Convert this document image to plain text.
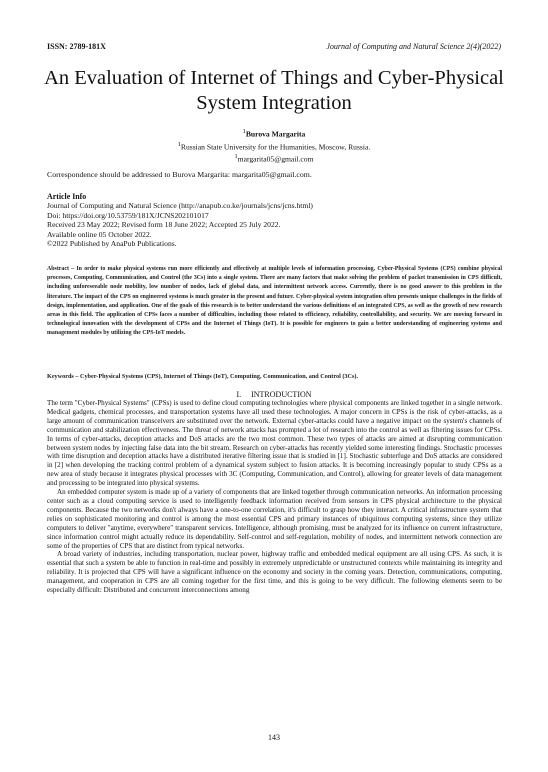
ISSN: 2789-181X	Journal of Computing and Natural Science 2(4)(2022)
An Evaluation of Internet of Things and Cyber-Physical System Integration
$^1$Burova Margarita
$^1$Russian State University for the Humanities, Moscow, Russia.
$^1$margarita05@gmail.com
Correspondence should be addressed to Burova Margarita: margarita05@gmail.com.
Article Info
Journal of Computing and Natural Science (http://anapub.co.ke/journals/jcns/jcns.html)
Doi: https://doi.org/10.53759/181X/JCNS202101017
Received 23 May 2022; Revised form 18 June 2022; Accepted 25 July 2022.
Available online 05 October 2022.
©2022 Published by AnaPub Publications.
Abstract – In order to make physical systems run more efficiently and effectively at multiple levels of information processing, Cyber-Physical Systems (CPS) combine physical processes, Computing, Communication, and Control (the 3Cs) into a single system. There are many factors that make solving the problem of packet transmission in CPS difficult, including unforeseeable node mobility, low number of nodes, lack of global data, and intermittent network access. Currently, there is no good answer to this problem in the literature. The impact of the CPS on engineered systems is much greater in the present and future. Cyber-physical system integration often presents unique challenges in the fields of design, implementation, and application. One of the goals of this research is to better understand the various definitions of an integrated CPS, as well as the growth of new research areas in this field. The application of CPSs faces a number of difficulties, including those related to efficiency, reliability, controllability, and security. We are moving forward in technological innovation with the development of CPSs and the Internet of Things (IoT). It is possible for engineers to gain a better understanding of engineering systems and management modules by utilizing the CPS-IoT models.
Keywords – Cyber-Physical Systems (CPS), Internet of Things (IoT), Computing, Communication, and Control (3Cs).
I.     INTRODUCTION

The term "Cyber-Physical Systems" (CPSs) is used to define cloud computing technologies where physical components are linked together in a single network. Medical gadgets, chemical processes, and transportation systems have all used these technologies. A major concern in CPSs is the risk of cyber-attacks, as a large amount of communication transceivers are substituted over the network. External cyber-attacks could have a negative impact on the system's channels of communication and stabilization effectiveness. The threat of network attacks has prompted a lot of research into the control as well as filtering issues for CPSs. In terms of cyber-attacks, deception attacks and DoS attacks are the two most common. These two types of attacks are aimed at disrupting communication between system nodes by injecting false data into the bit stream. Research on cyber-attacks has recently yielded some interesting findings. Stochastic processes with time disruption and deception attacks have a distributed iterative filtering issue that is studied in [1]. Stochastic subterfuge and DoS attacks are considered in [2] when developing the tracking control problem of a dynamical system subject to fusion attacks. It is becoming increasingly popular to study CPSs as a new area of study because it integrates physical processes with 3C (Computing, Communication, and Control), allowing for greater levels of data management and processing to be integrated into physical systems.

An embedded computer system is made up of a variety of components that are linked together through communication networks. An information processing center such as a cloud computing service is used to intelligently feedback information received from sensors in CPS physical architecture to the physical components. Because the two networks don't always have a one-to-one correlation, it's difficult to grasp how they interact. A critical infrastructure system that relies on sophisticated monitoring and control is among the most essential CPS and primary instances of ubiquitous computing systems, since they utilize computers to deliver "anytime, everywhere" transparent services. Intelligence, although promising, must be analyzed for its influence on current infrastructure, since information control might actually reduce its dependability. Self-control and self-regulation, mobility of nodes, and intermittent network connection are some of the properties of CPS that are distinct from typical networks.

A broad variety of industries, including transportation, nuclear power, highway traffic and embedded medical equipment are all using CPS. As such, it is essential that such a system be able to function in real-time and possibly in extremely unpredictable or unstructured contexts while maintaining its integrity and reliability. It is projected that CPS will have a significant influence on the economy and society in the coming years. Detection, communications, computing, management, and cooperation in CPS are all coming together for the first time, and this is going to be very difficult. The following elements seem to be especially difficult: Distributed and concurrent interconnections among

143
